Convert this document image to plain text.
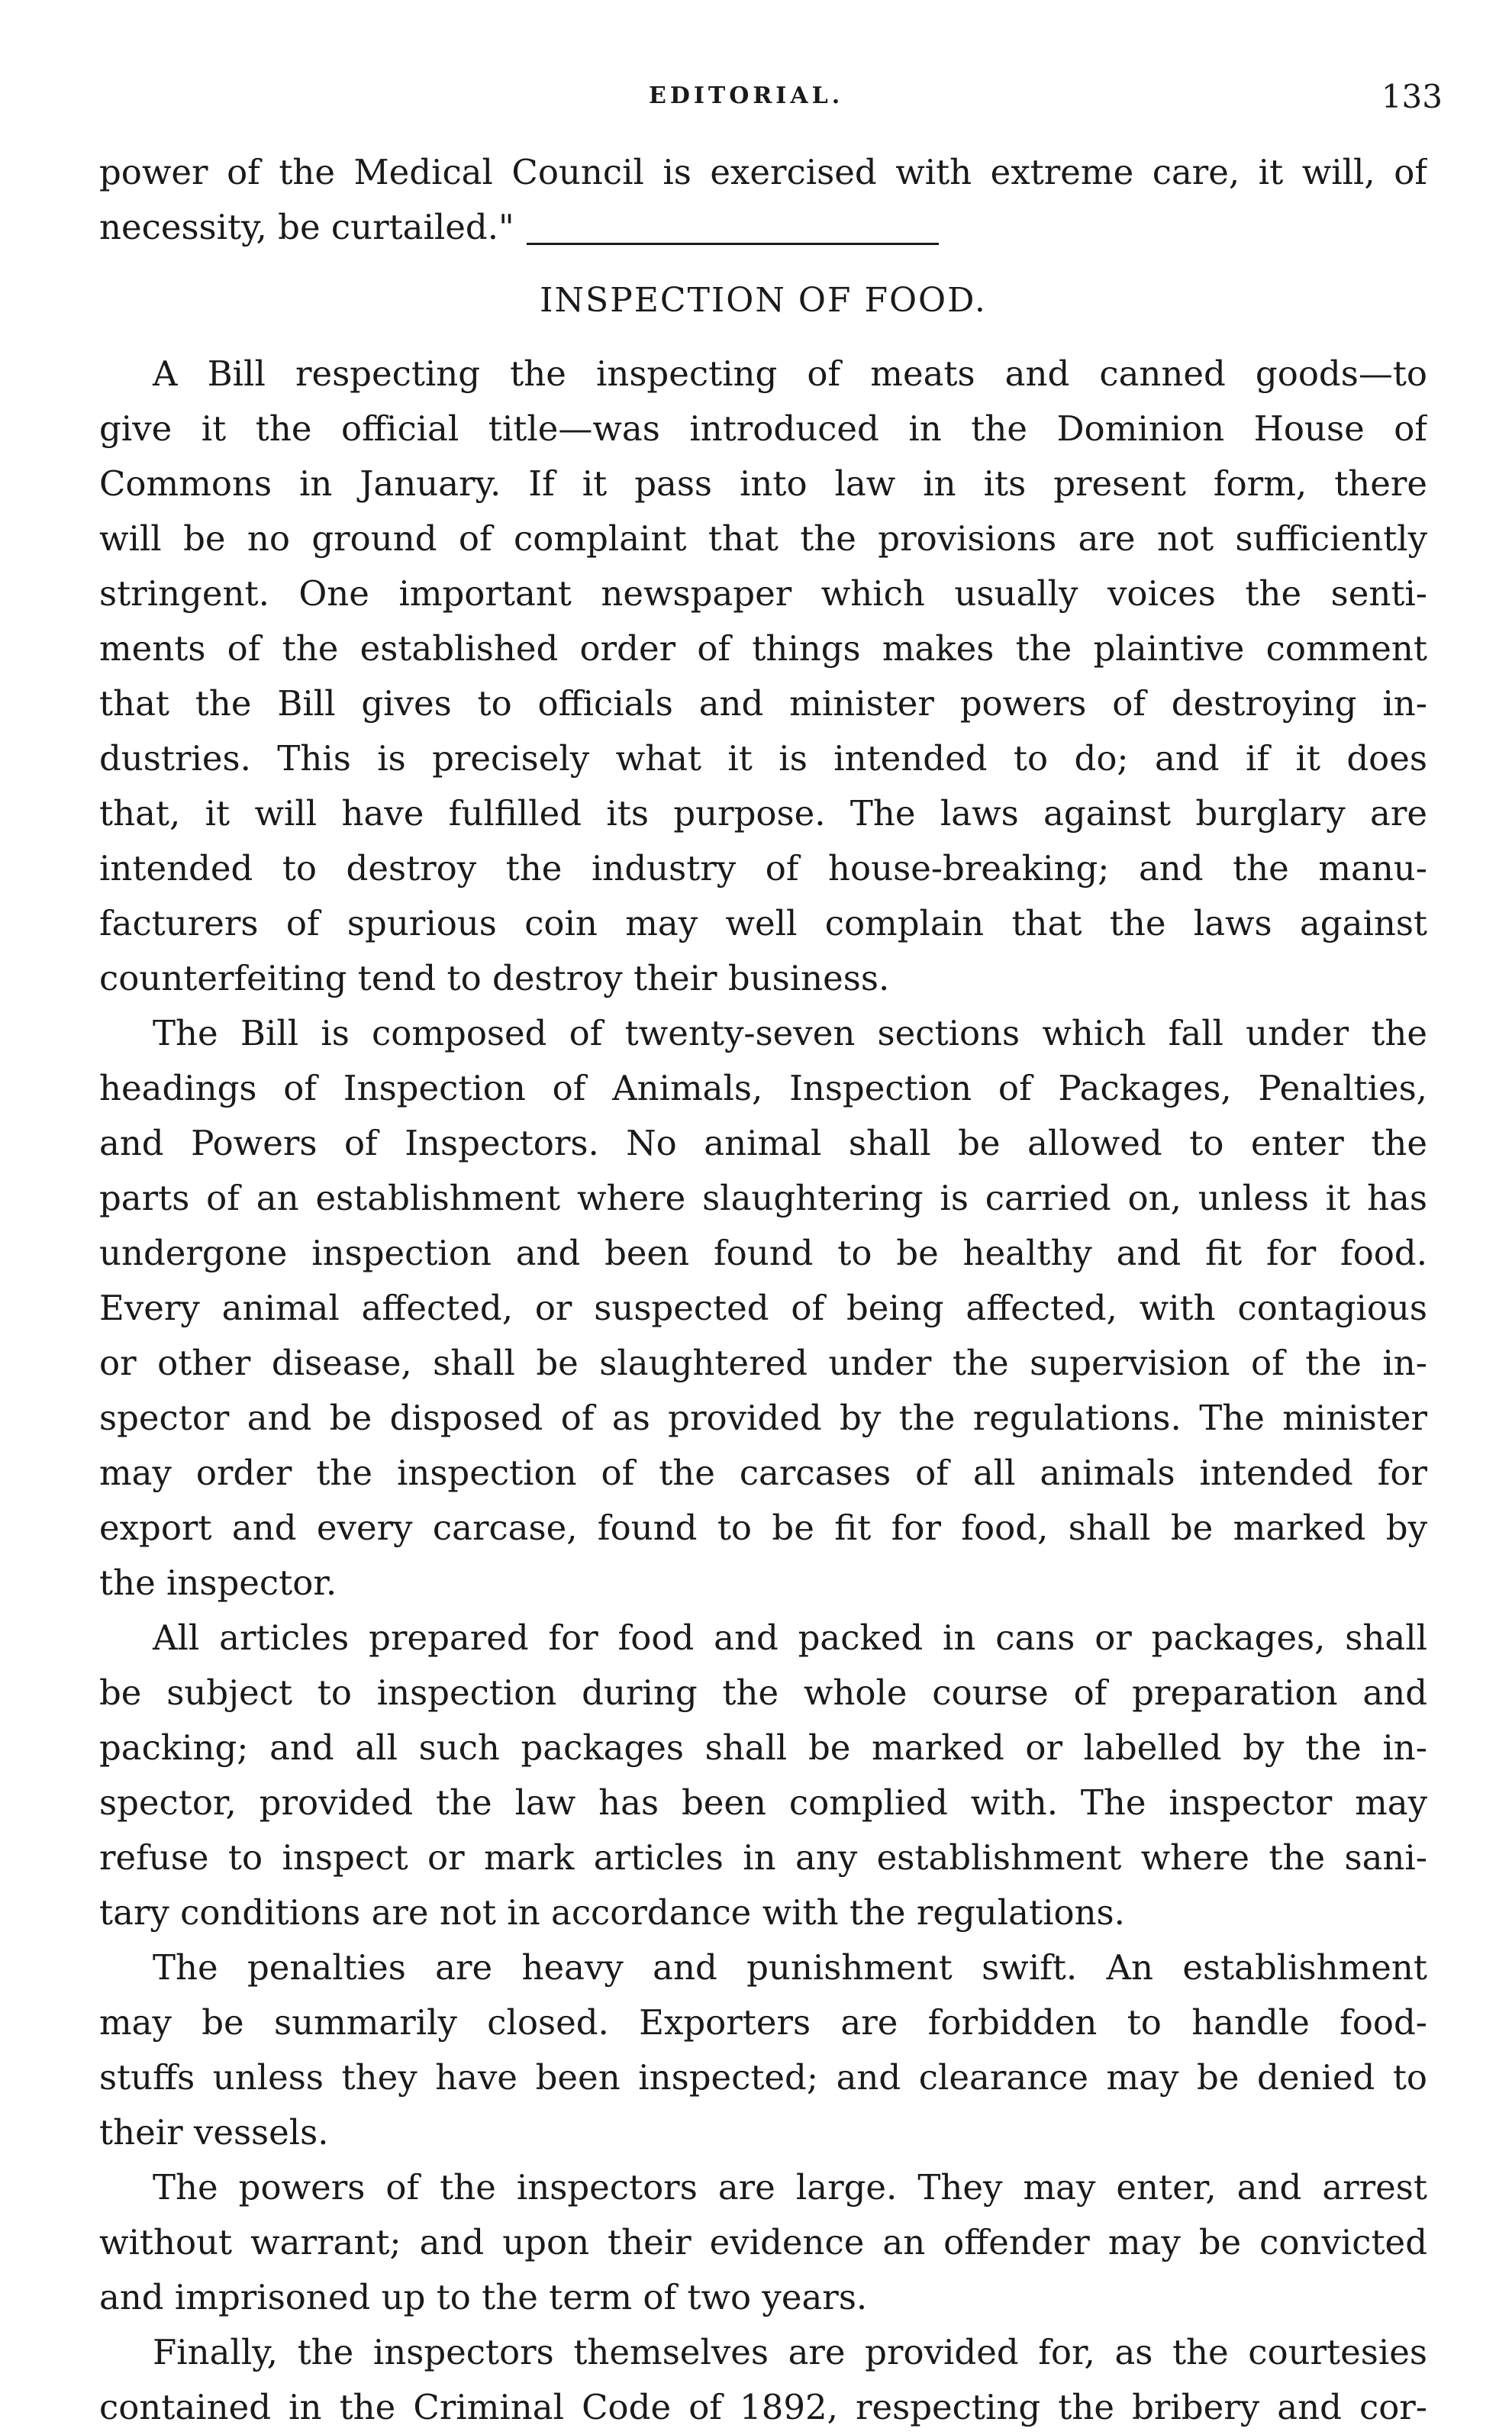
EDITORIAL.	133
power of the Medical Council is exercised with extreme care, it will, of
necessity, be curtailed."
INSPECTION OF FOOD.
A Bill respecting the inspecting of meats and canned goods—to
give it the official title—was introduced in the Dominion House of
Commons in January. If it pass into law in its present form, there
will be no ground of complaint that the provisions are not sufficiently
stringent. One important newspaper which usually voices the senti-
ments of the established order of things makes the plaintive comment
that the Bill gives to officials and minister powers of destroying in-
dustries. This is precisely what it is intended to do; and if it does
that, it will have fulfilled its purpose. The laws against burglary are
intended to destroy the industry of house-breaking; and the manu-
facturers of spurious coin may well complain that the laws against
counterfeiting tend to destroy their business.
The Bill is composed of twenty-seven sections which fall under the
headings of Inspection of Animals, Inspection of Packages, Penalties,
and Powers of Inspectors. No animal shall be allowed to enter the
parts of an establishment where slaughtering is carried on, unless it has
undergone inspection and been found to be healthy and fit for food.
Every animal affected, or suspected of being affected, with contagious
or other disease, shall be slaughtered under the supervision of the in-
spector and be disposed of as provided by the regulations. The minister
may order the inspection of the carcases of all animals intended for
export and every carcase, found to be fit for food, shall be marked by
the inspector.
All articles prepared for food and packed in cans or packages, shall
be subject to inspection during the whole course of preparation and
packing; and all such packages shall be marked or labelled by the in-
spector, provided the law has been complied with. The inspector may
refuse to inspect or mark articles in any establishment where the sani-
tary conditions are not in accordance with the regulations.
The penalties are heavy and punishment swift. An establishment
may be summarily closed. Exporters are forbidden to handle food-
stuffs unless they have been inspected; and clearance may be denied to
their vessels.
The powers of the inspectors are large. They may enter, and arrest
without warrant; and upon their evidence an offender may be convicted
and imprisoned up to the term of two years.
Finally, the inspectors themselves are provided for, as the courtesies
contained in the Criminal Code of 1892, respecting the bribery and cor-
